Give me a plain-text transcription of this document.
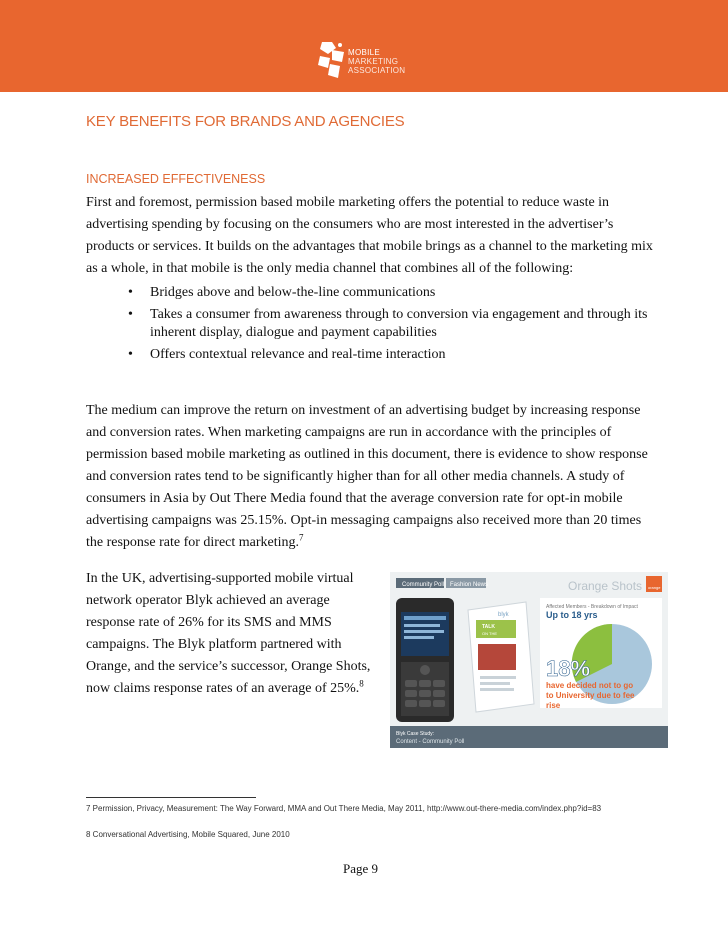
MOBILE
MARKETING
ASSOCIATION
KEY BENEFITS FOR BRANDS AND AGENCIES
INCREASED EFFECTIVENESS

First and foremost, permission based mobile marketing offers the potential to reduce waste in advertising spending by focusing on the consumers who are most interested in the advertiser’s products or services. It builds on the advantages that mobile brings as a channel to the marketing mix as a whole, in that mobile is the only media channel that combines all of the following:

• Bridges above and below-the-line communications
• Takes a consumer from awareness through to conversion via engagement and through its inherent display, dialogue and payment capabilities
• Offers contextual relevance and real-time interaction

The medium can improve the return on investment of an advertising budget by increasing response and conversion rates. When marketing campaigns are run in accordance with the principles of permission based mobile marketing as outlined in this document, there is evidence to show response and conversion rates tend to be significantly higher than for all other media channels. A study of consumers in Asia by Out There Media found that the average conversion rate for opt-in mobile advertising campaigns was 25.15%. Opt-in messaging campaigns also received more than 20 times the response rate for direct marketing.$^7$

In the UK, advertising-supported mobile virtual network operator Blyk achieved an average response rate of 26% for its SMS and MMS campaigns. The Blyk platform partnered with Orange, and the service’s successor, Orange Shots, now claims response rates of an average of 25%.$^8$

Community Poll Fashion News	Orange Shots orange
blyk
TALK
ON THE
Affected Members - Breakdown of Impact
Up to 18 yrs
18%
have decided not to go
to University due to fee
rise
Blyk Case Study:
Content - Community Poll

7 Permission, Privacy, Measurement: The Way Forward, MMA and Out There Media, May 2011, http://www.out-there-media.com/index.php?id=83

8 Conversational Advertising, Mobile Squared, June 2010

Page 9
